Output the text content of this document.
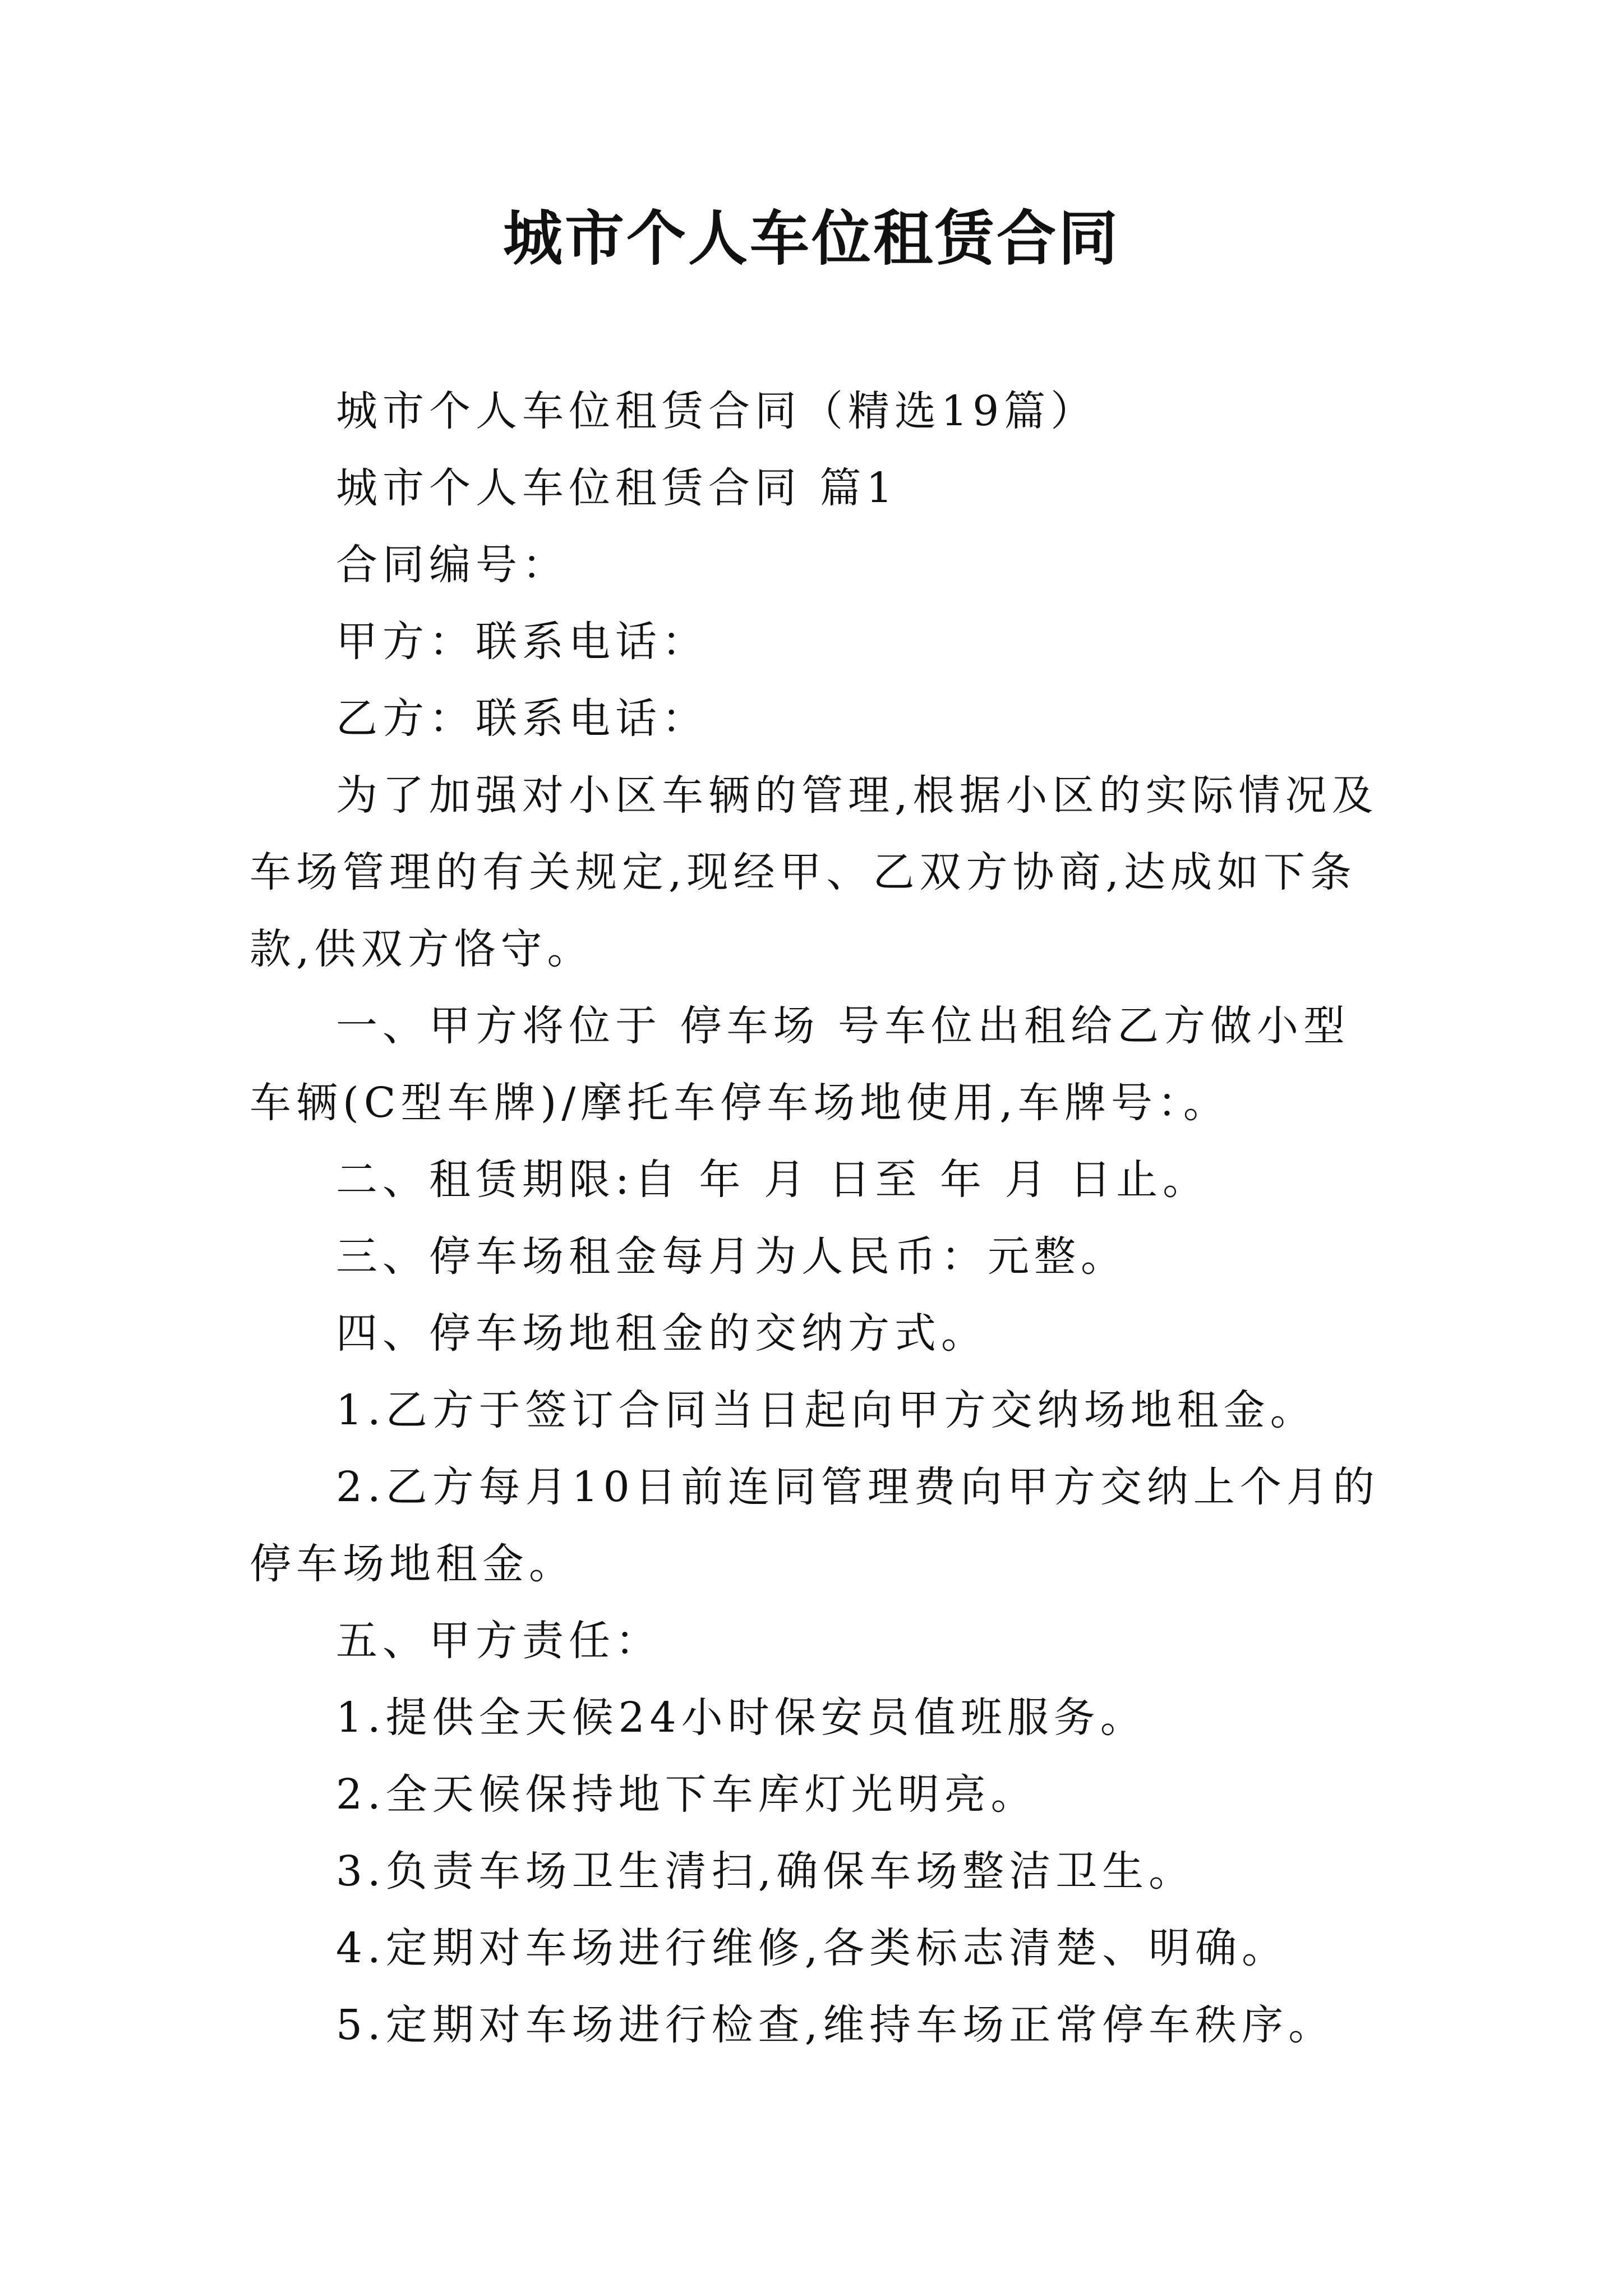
城市个人车位租赁合同

城市个人车位租赁合同（精选19篇）

城市个人车位租赁合同 篇1

合同编号：

甲方：联系电话：

乙方：联系电话：

为了加强对小区车辆的管理,根据小区的实际情况及车场管理的有关规定,现经甲、乙双方协商,达成如下条款,供双方恪守。

一、甲方将位于 停车场 号车位出租给乙方做小型车辆(C型车牌)/摩托车停车场地使用,车牌号：。

二、租赁期限:自 年 月 日至 年 月 日止。

三、停车场租金每月为人民币：元整。

四、停车场地租金的交纳方式。

1.乙方于签订合同当日起向甲方交纳场地租金。

2.乙方每月10日前连同管理费向甲方交纳上个月的停车场地租金。

五、甲方责任：

1.提供全天候24小时保安员值班服务。

2.全天候保持地下车库灯光明亮。

3.负责车场卫生清扫,确保车场整洁卫生。

4.定期对车场进行维修,各类标志清楚、明确。

5.定期对车场进行检查,维持车场正常停车秩序。
